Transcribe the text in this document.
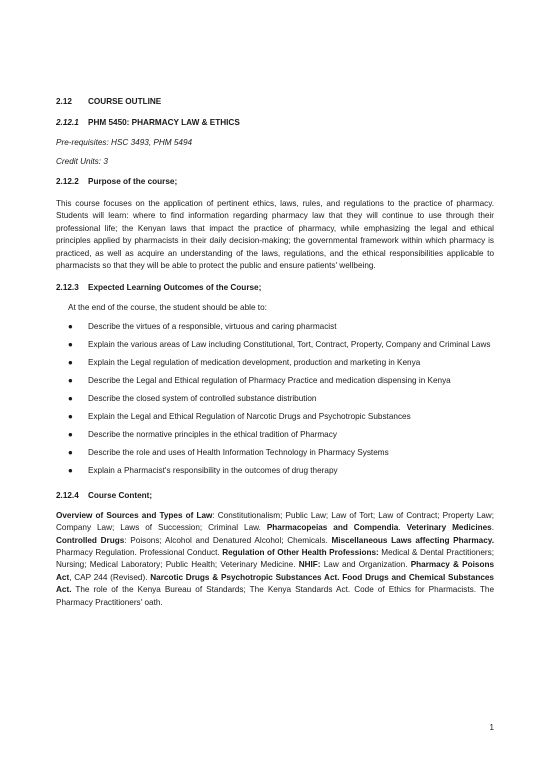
2.12 COURSE OUTLINE

2.12.1 PHM 5450: PHARMACY LAW & ETHICS

Pre-requisites: HSC 3493, PHM 5494

Credit Units: 3

2.12.2 Purpose of the course;

This course focuses on the application of pertinent ethics, laws, rules, and regulations to the practice of pharmacy. Students will learn: where to find information regarding pharmacy law that they will continue to use through their professional life; the Kenyan laws that impact the practice of pharmacy, while emphasizing the legal and ethical principles applied by pharmacists in their daily decision-making; the governmental framework within which pharmacy is practiced, as well as acquire an understanding of the laws, regulations, and the ethical responsibilities applicable to pharmacists so that they will be able to protect the public and ensure patients' wellbeing.

2.12.3 Expected Learning Outcomes of the Course;

At the end of the course, the student should be able to:

● Describe the virtues of a responsible, virtuous and caring pharmacist
● Explain the various areas of Law including Constitutional, Tort, Contract, Property, Company and Criminal Laws
● Explain the Legal regulation of medication development, production and marketing in Kenya
● Describe the Legal and Ethical regulation of Pharmacy Practice and medication dispensing in Kenya
● Describe the closed system of controlled substance distribution
● Explain the Legal and Ethical Regulation of Narcotic Drugs and Psychotropic Substances
● Describe the normative principles in the ethical tradition of Pharmacy
● Describe the role and uses of Health Information Technology in Pharmacy Systems
● Explain a Pharmacist's responsibility in the outcomes of drug therapy

2.12.4 Course Content;

Overview of Sources and Types of Law: Constitutionalism; Public Law; Law of Tort; Law of Contract; Property Law; Company Law; Laws of Succession; Criminal Law. Pharmacopeias and Compendia. Veterinary Medicines. Controlled Drugs: Poisons; Alcohol and Denatured Alcohol; Chemicals. Miscellaneous Laws affecting Pharmacy. Pharmacy Regulation. Professional Conduct. Regulation of Other Health Professions: Medical & Dental Practitioners; Nursing; Medical Laboratory; Public Health; Veterinary Medicine. NHIF: Law and Organization. Pharmacy & Poisons Act, CAP 244 (Revised). Narcotic Drugs & Psychotropic Substances Act. Food Drugs and Chemical Substances Act. The role of the Kenya Bureau of Standards; The Kenya Standards Act. Code of Ethics for Pharmacists. The Pharmacy Practitioners' oath.

1
